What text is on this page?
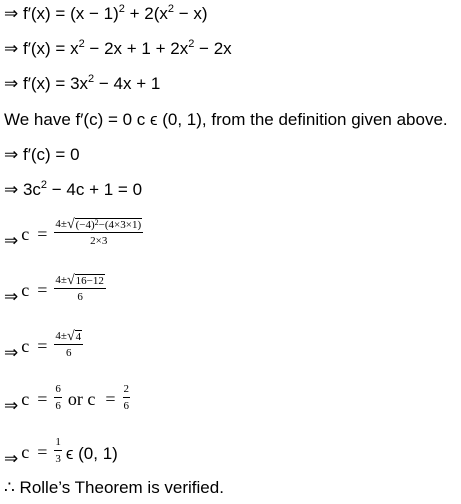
⇒ $f'(x) = (x - 1)^2 + 2(x^2 - x)$
⇒ $f'(x) = x^2 - 2x + 1 + 2x^2 - 2x$
⇒ $f'(x) = 3x^2 - 4x + 1$
We have f′(c) = 0 c ϵ (0, 1), from the definition given above.
⇒ f′(c) = 0
⇒ $3c^2 - 4c + 1 = 0$
⇒ $c = \frac{4\pm √ (-4)^2-(4\times 3\times 1)}{2\times 3}$
⇒ $c = \frac{4\pm √ 16-12}{6}$
⇒ $c = \frac{4\pm √ 4}{6}$
⇒ $c = \frac{6}{6}$ or $c = \frac{2}{6}$
⇒ $c = \frac{1}{3}$ ϵ (0, 1)
∴ Rolle’s Theorem is verified.
